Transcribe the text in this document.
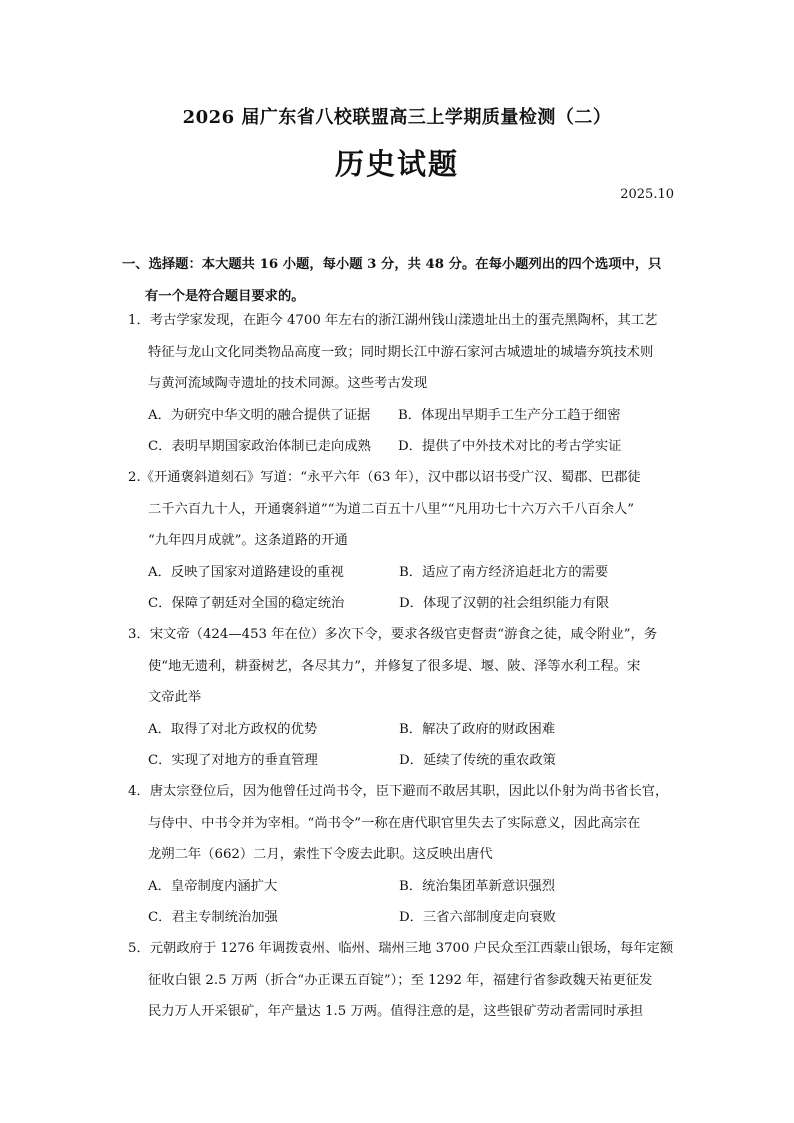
2026 届广东省八校联盟高三上学期质量检测（二）
历史试题
2025.10
一、选择题：本大题共 16 小题，每小题 3 分，共 48 分。在每小题列出的四个选项中，只
有一个是符合题目要求的。
1．考古学家发现，在距今 4700 年左右的浙江湖州钱山漾遗址出土的蛋壳黑陶杯，其工艺
特征与龙山文化同类物品高度一致；同时期长江中游石家河古城遗址的城墙夯筑技术则
与黄河流域陶寺遗址的技术同源。这些考古发现
A．为研究中华文明的融合提供了证据 B．体现出早期手工生产分工趋于细密
C．表明早期国家政治体制已走向成熟 D．提供了中外技术对比的考古学实证
2.《开通褒斜道刻石》写道：“永平六年（63 年），汉中郡以诏书受广汉、蜀郡、巴郡徒
二千六百九十人，开通褒斜道”“为道二百五十八里”“凡用功七十六万六千八百余人”
“九年四月成就”。这条道路的开通
A．反映了国家对道路建设的重视	B．适应了南方经济追赶北方的需要
C．保障了朝廷对全国的稳定统治	D．体现了汉朝的社会组织能力有限
3．宋文帝（424—453 年在位）多次下令，要求各级官吏督责“游食之徒，咸令附业”，务
使“地无遗利，耕蚕树艺，各尽其力”，并修复了很多堤、堰、陂、泽等水利工程。宋
文帝此举
A．取得了对北方政权的优势	B．解决了政府的财政困难
C．实现了对地方的垂直管理	D．延续了传统的重农政策
4．唐太宗登位后，因为他曾任过尚书令，臣下避而不敢居其职，因此以仆射为尚书省长官，
与侍中、中书令并为宰相。“尚书令”一称在唐代职官里失去了实际意义，因此高宗在
龙朔二年（662）二月，索性下令废去此职。这反映出唐代
A．皇帝制度内涵扩大	B．统治集团革新意识强烈
C．君主专制统治加强	D．三省六部制度走向衰败
5．元朝政府于 1276 年调拨袁州、临州、瑞州三地 3700 户民众至江西蒙山银场，每年定额
征收白银 2.5 万两（折合“办正课五百锭”）；至 1292 年，福建行省参政魏天祐更征发
民力万人开采银矿，年产量达 1.5 万两。值得注意的是，这些银矿劳动者需同时承担
